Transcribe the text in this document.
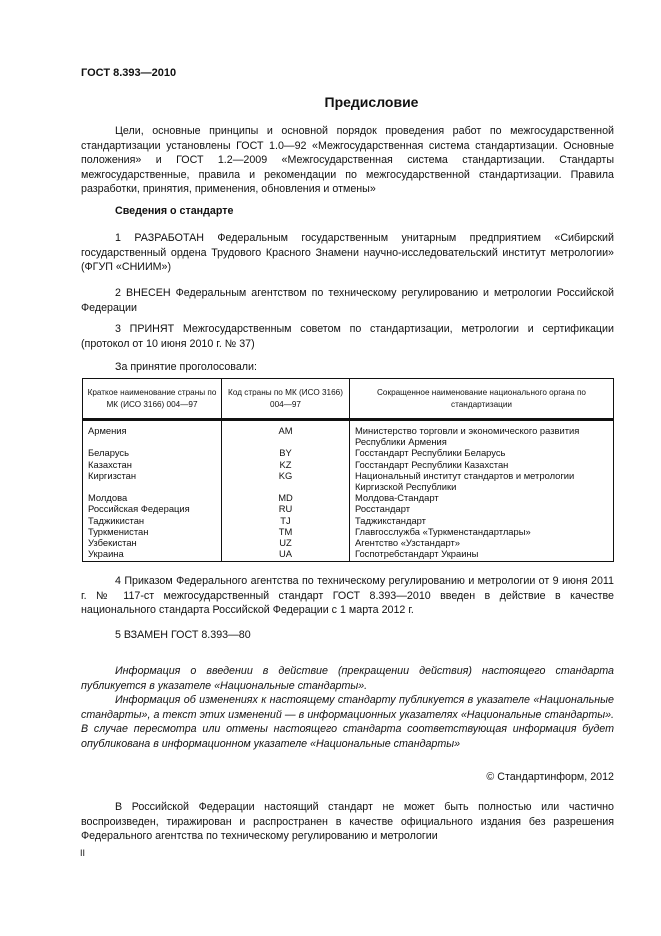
ГОСТ 8.393—2010
Предисловие
Цели, основные принципы и основной порядок проведения работ по межгосударственной стандартизации установлены ГОСТ 1.0—92 «Межгосударственная система стандартизации. Основные положения» и ГОСТ 1.2—2009 «Межгосударственная система стандартизации. Стандарты межгосударственные, правила и рекомендации по межгосударственной стандартизации. Правила разработки, принятия, применения, обновления и отмены»
Сведения о стандарте
1 РАЗРАБОТАН Федеральным государственным унитарным предприятием «Сибирский государственный ордена Трудового Красного Знамени научно-исследовательский институт метрологии» (ФГУП «СНИИМ»)
2 ВНЕСЕН Федеральным агентством по техническому регулированию и метрологии Российской Федерации
3 ПРИНЯТ Межгосударственным советом по стандартизации, метрологии и сертификации (протокол от 10 июня 2010 г. № 37)
За принятие проголосовали:
Краткое наименование страны по МК (ИСО 3166) 004—97	Код страны по МК (ИСО 3166) 004—97	Сокращенное наименование национального органа по стандартизации
Армения	AM	Министерство торговли и экономического развития Республики Армения
Беларусь	BY	Госстандарт Республики Беларусь
Казахстан	KZ	Госстандарт Республики Казахстан
Киргизстан	KG	Национальный институт стандартов и метрологии Киргизской Республики
Молдова	MD	Молдова-Стандарт
Российская Федерация	RU	Росстандарт
Таджикистан	TJ	Таджикстандарт
Туркменистан	TM	Главгосслужба «Туркменстандартлары»
Узбекистан	UZ	Агентство «Узстандарт»
Украина	UA	Госпотребстандарт Украины
4 Приказом Федерального агентства по техническому регулированию и метрологии от 9 июня 2011 г. № 117-ст межгосударственный стандарт ГОСТ 8.393—2010 введен в действие в качестве национального стандарта Российской Федерации с 1 марта 2012 г.
5 ВЗАМЕН ГОСТ 8.393—80
Информация о введении в действие (прекращении действия) настоящего стандарта публикуется в указателе «Национальные стандарты».
Информация об изменениях к настоящему стандарту публикуется в указателе «Национальные стандарты», а текст этих изменений — в информационных указателях «Национальные стандарты». В случае пересмотра или отмены настоящего стандарта соответствующая информация будет опубликована в информационном указателе «Национальные стандарты»
© Стандартинформ, 2012
В Российской Федерации настоящий стандарт не может быть полностью или частично воспроизведен, тиражирован и распространен в качестве официального издания без разрешения Федерального агентства по техническому регулированию и метрологии
II
